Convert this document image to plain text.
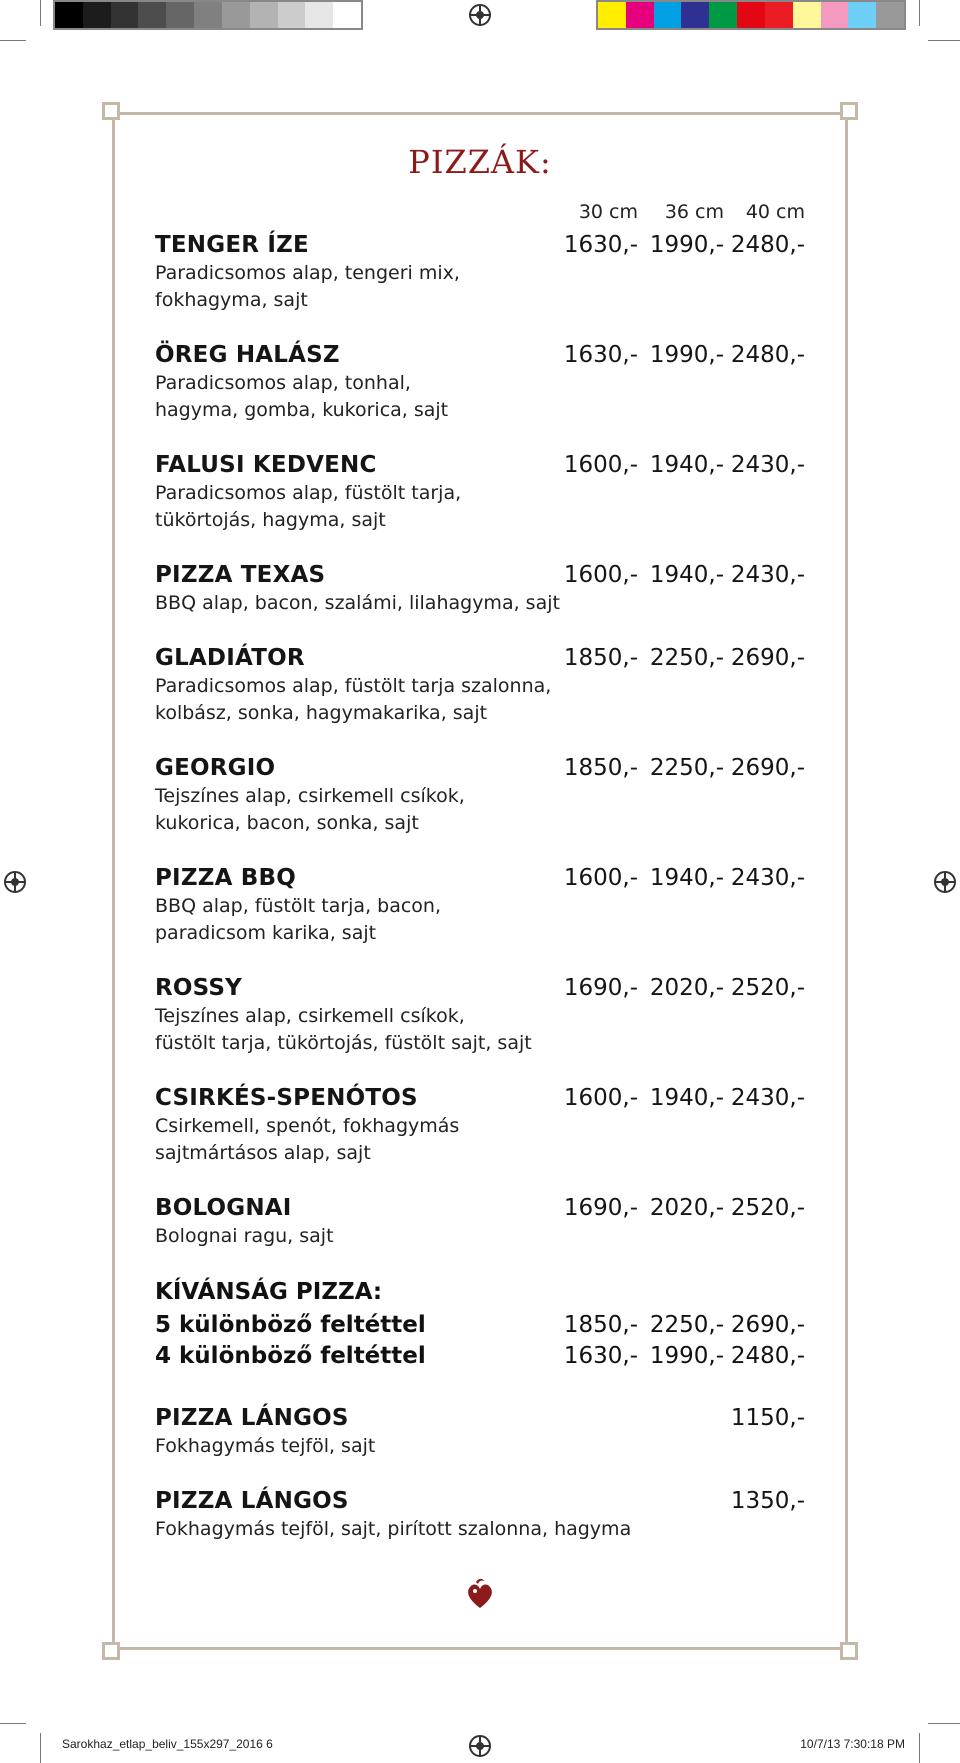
PIZZÁK:
30 cm 36 cm 40 cm
TENGER ÍZE	1630,- 1990,- 2480,-
Paradicsomos alap, tengeri mix,
fokhagyma, sajt
ÖREG HALÁSZ	1630,- 1990,- 2480,-
Paradicsomos alap, tonhal,
hagyma, gomba, kukorica, sajt
FALUSI KEDVENC	1600,- 1940,- 2430,-
Paradicsomos alap, füstölt tarja,
tükörtojás, hagyma, sajt
PIZZA TEXAS	1600,- 1940,- 2430,-
BBQ alap, bacon, szalámi, lilahagyma, sajt
GLADIÁTOR	1850,- 2250,- 2690,-
Paradicsomos alap, füstölt tarja szalonna,
kolbász, sonka, hagymakarika, sajt
GEORGIO	1850,- 2250,- 2690,-
Tejszínes alap, csirkemell csíkok,
kukorica, bacon, sonka, sajt
PIZZA BBQ	1600,- 1940,- 2430,-
BBQ alap, füstölt tarja, bacon,
paradicsom karika, sajt
ROSSY	1690,- 2020,- 2520,-
Tejszínes alap, csirkemell csíkok,
füstölt tarja, tükörtojás, füstölt sajt, sajt
CSIRKÉS-SPENÓTOS	1600,- 1940,- 2430,-
Csirkemell, spenót, fokhagymás
sajtmártásos alap, sajt
BOLOGNAI	1690,- 2020,- 2520,-
Bolognai ragu, sajt
KÍVÁNSÁG PIZZA:
5 különböző feltéttel	1850,- 2250,- 2690,-
4 különböző feltéttel	1630,- 1990,- 2480,-
PIZZA LÁNGOS	1150,-
Fokhagymás tejföl, sajt
PIZZA LÁNGOS	1350,-
Fokhagymás tejföl, sajt, pirított szalonna, hagyma
Sarokhaz_etlap_beliv_155x297_2016 6	10/7/13 7:30:18 PM
